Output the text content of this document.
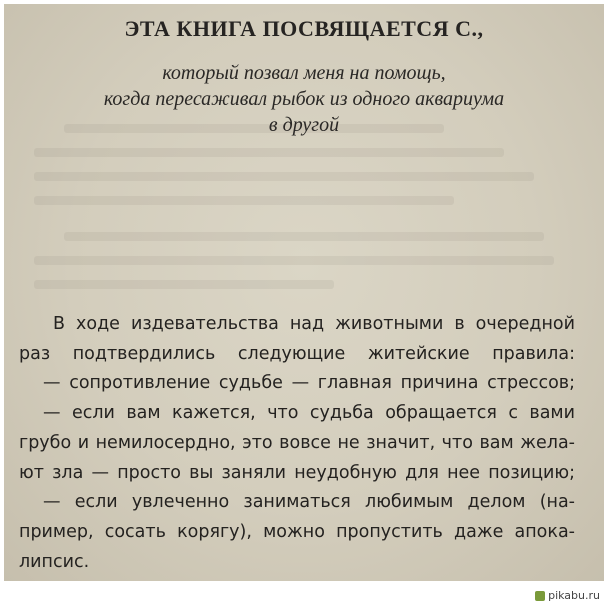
ЭТА КНИГА ПОСВЯЩАЕТСЯ С.,
который позвал меня на помощь,
когда пересаживал рыбок из одного аквариума
в другой
В ходе издевательства над животными в очередной
раз подтвердились следующие житейские правила:
— сопротивление судьбе — главная причина стрессов;
— если вам кажется, что судьба обращается с вами
грубо и немилосердно, это вовсе не значит, что вам жела-
ют зла — просто вы заняли неудобную для нее позицию;
— если увлеченно заниматься любимым делом (на-
пример, сосать корягу), можно пропустить даже апока-
липсис.
pikabu.ru
